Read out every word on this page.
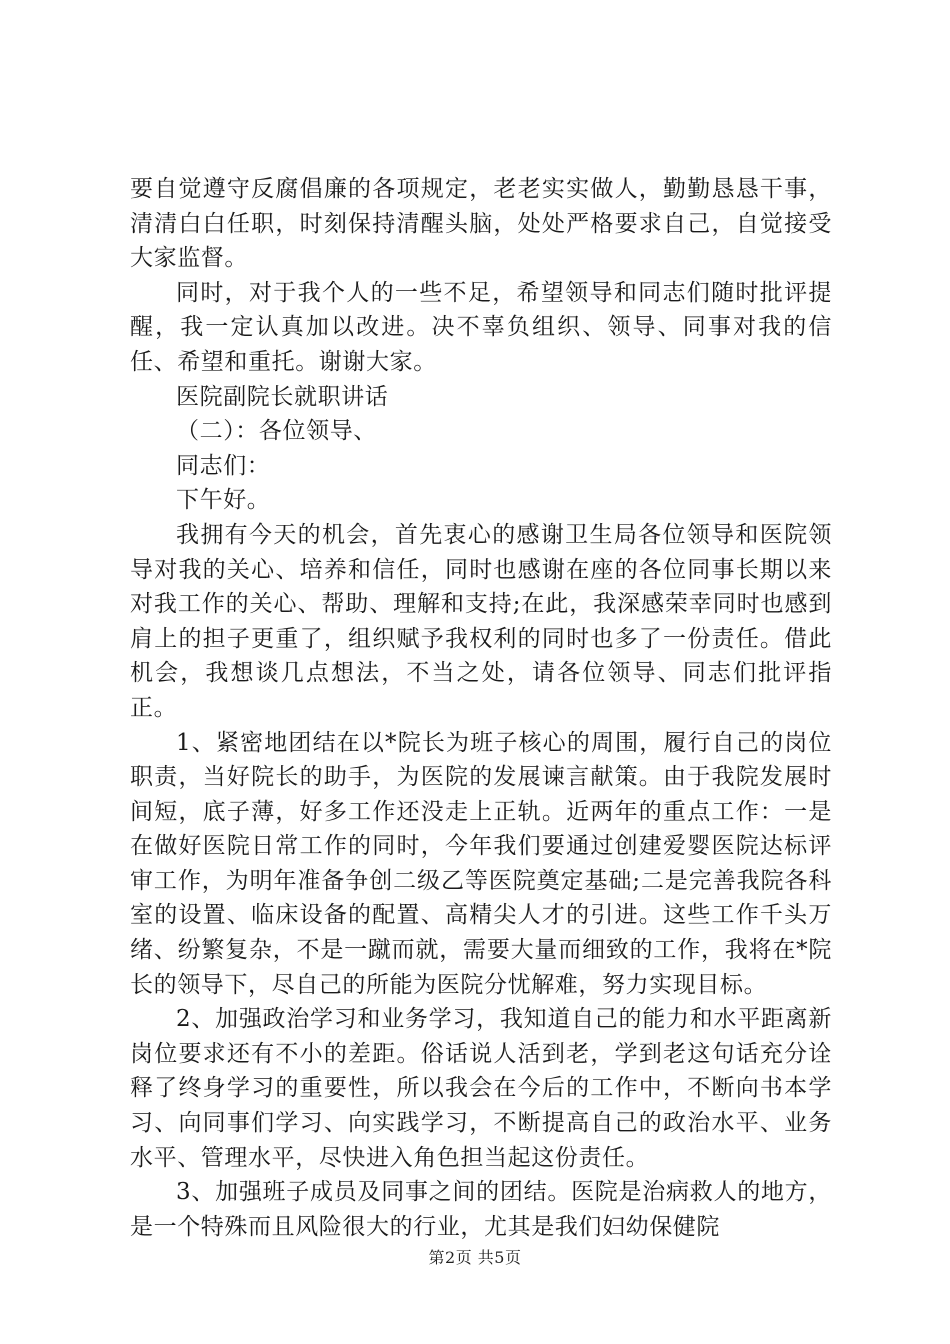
要自觉遵守反腐倡廉的各项规定，老老实实做人，勤勤恳恳干事，清清白白任职，时刻保持清醒头脑，处处严格要求自己，自觉接受大家监督。

同时，对于我个人的一些不足，希望领导和同志们随时批评提醒，我一定认真加以改进。决不辜负组织、领导、同事对我的信任、希望和重托。谢谢大家。

医院副院长就职讲话

（二）：各位领导、

同志们：

下午好。

我拥有今天的机会，首先衷心的感谢卫生局各位领导和医院领导对我的关心、培养和信任，同时也感谢在座的各位同事长期以来对我工作的关心、帮助、理解和支持;在此，我深感荣幸同时也感到肩上的担子更重了，组织赋予我权利的同时也多了一份责任。借此机会，我想谈几点想法，不当之处，请各位领导、同志们批评指正。

1、紧密地团结在以*院长为班子核心的周围，履行自己的岗位职责，当好院长的助手，为医院的发展谏言献策。由于我院发展时间短，底子薄，好多工作还没走上正轨。近两年的重点工作：一是在做好医院日常工作的同时，今年我们要通过创建爱婴医院达标评审工作，为明年准备争创二级乙等医院奠定基础;二是完善我院各科室的设置、临床设备的配置、高精尖人才的引进。这些工作千头万绪、纷繁复杂，不是一蹴而就，需要大量而细致的工作，我将在*院长的领导下，尽自己的所能为医院分忧解难，努力实现目标。

2、加强政治学习和业务学习，我知道自己的能力和水平距离新岗位要求还有不小的差距。俗话说人活到老，学到老这句话充分诠释了终身学习的重要性，所以我会在今后的工作中，不断向书本学习、向同事们学习、向实践学习，不断提高自己的政治水平、业务水平、管理水平，尽快进入角色担当起这份责任。

3、加强班子成员及同事之间的团结。医院是治病救人的地方，是一个特殊而且风险很大的行业，尤其是我们妇幼保健院

第2页 共5页
